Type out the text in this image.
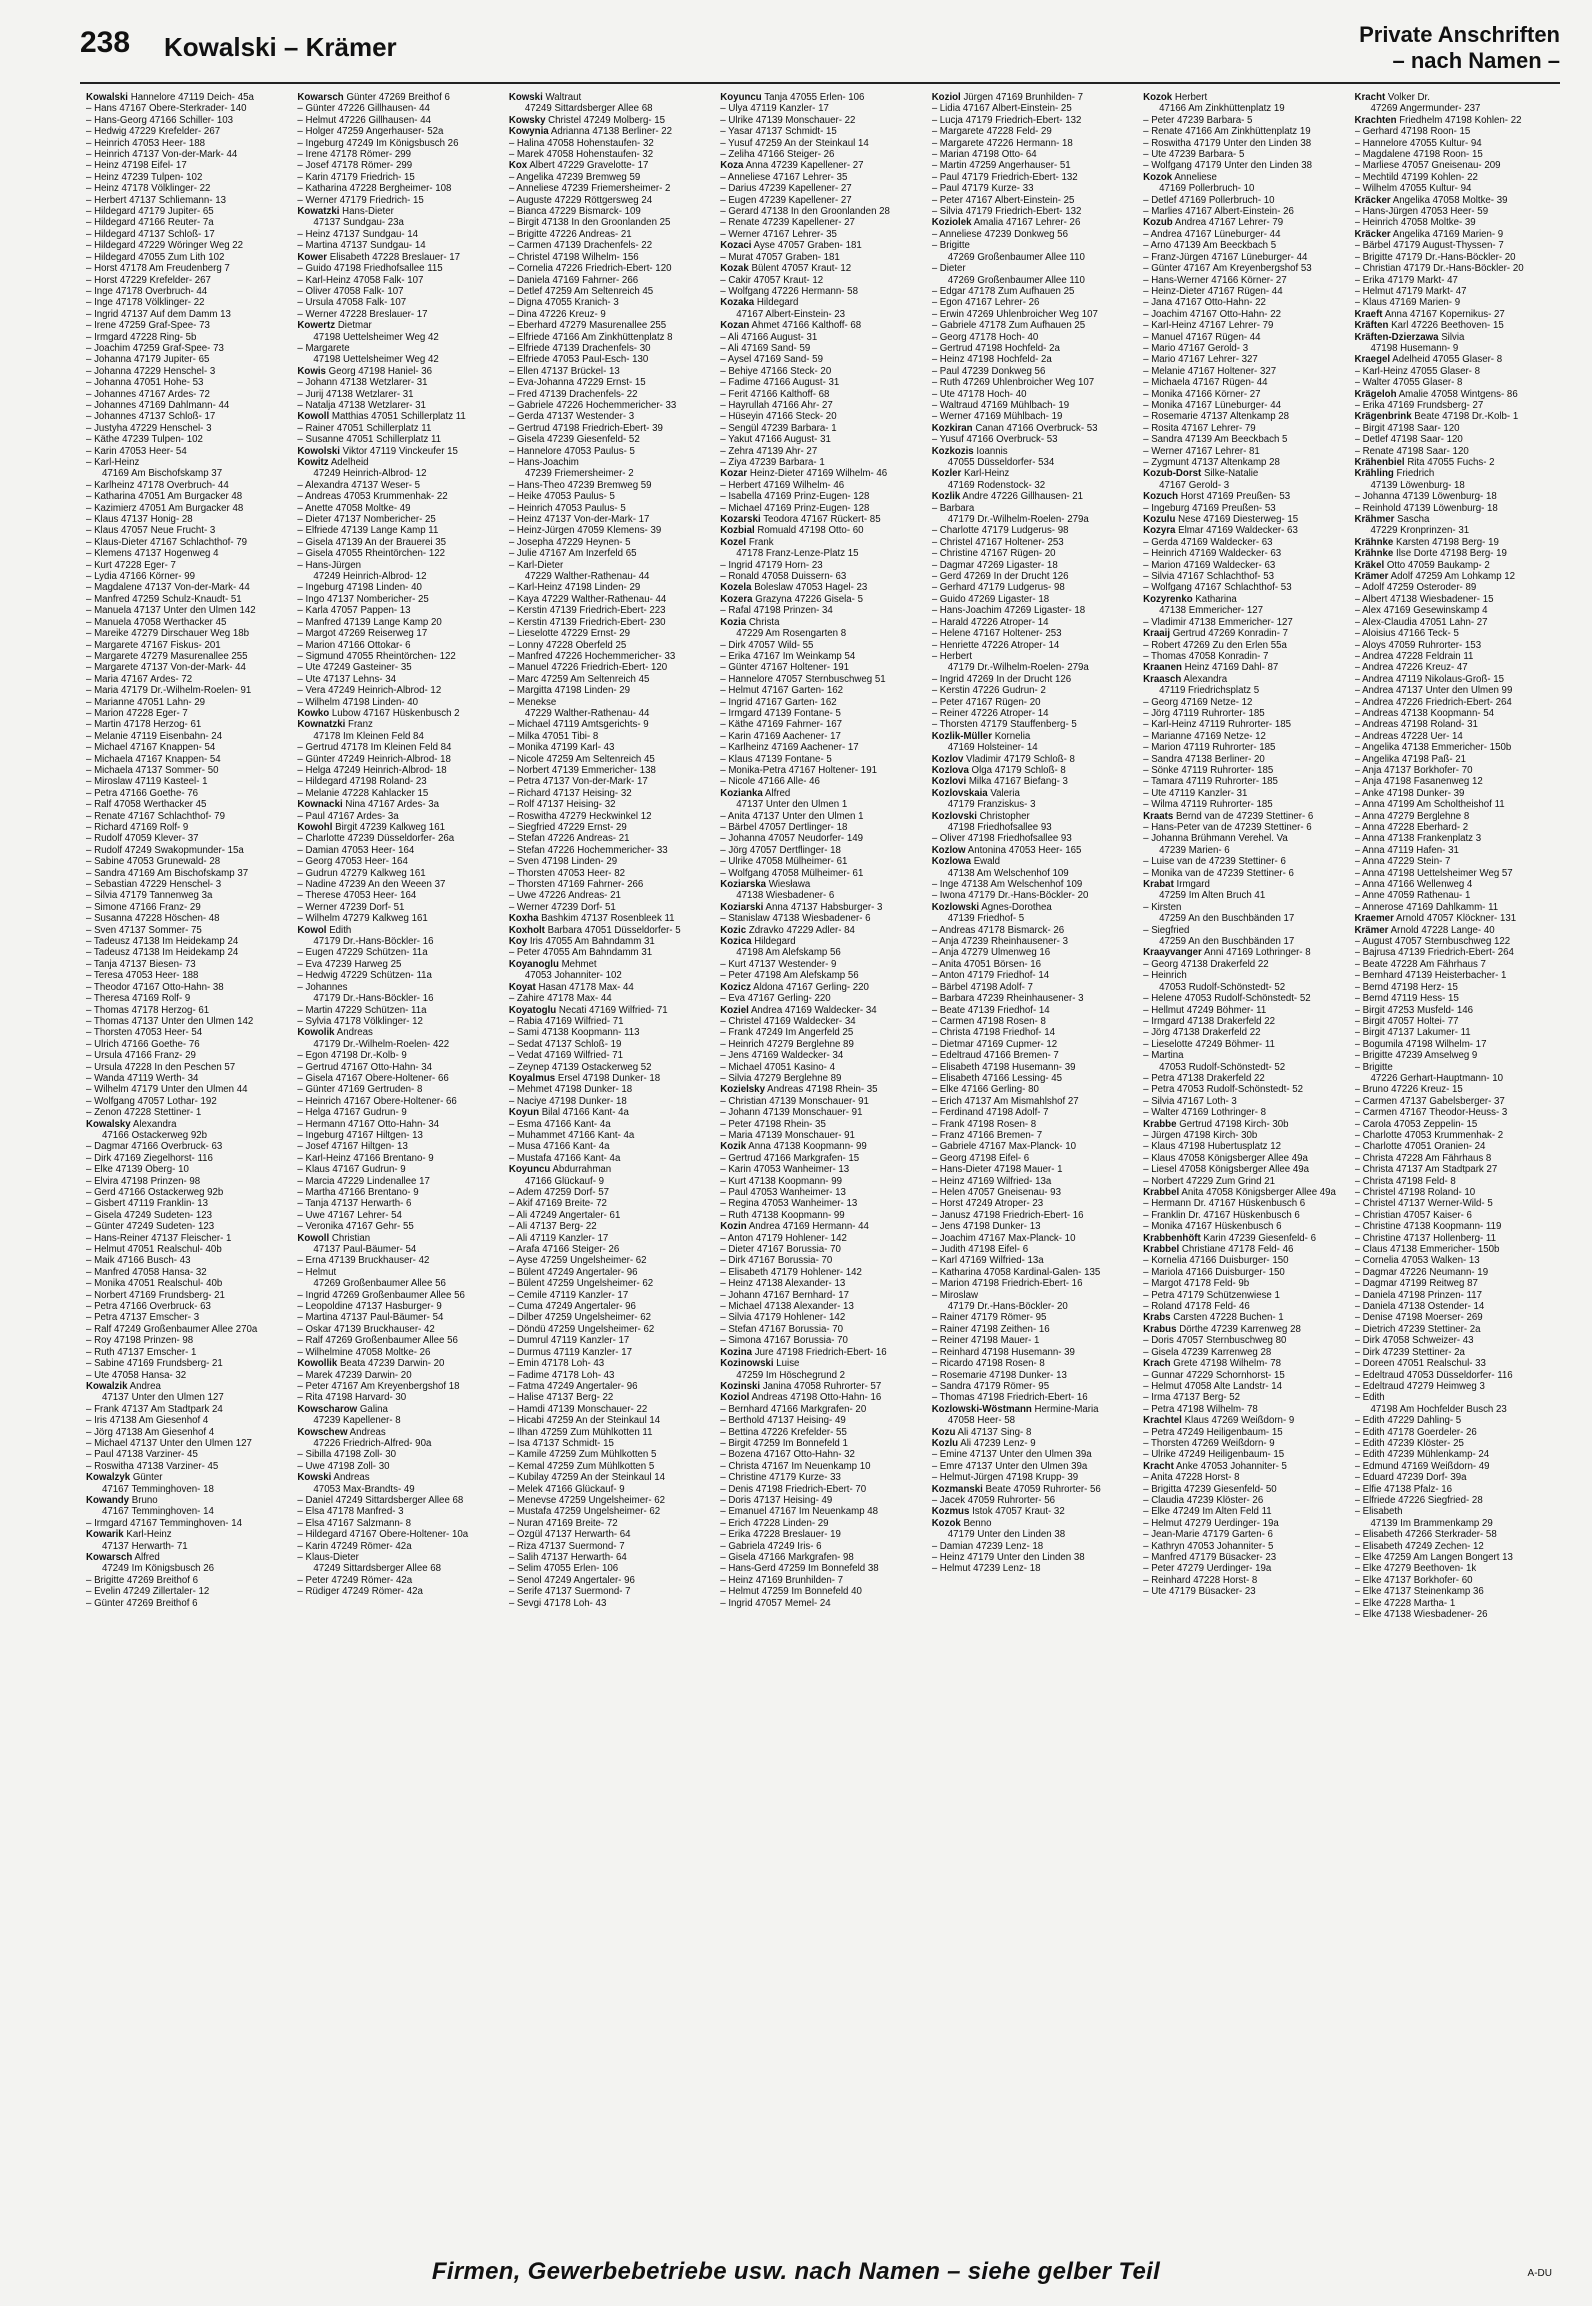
238 Kowalski – Krämer	Private Anschriften
– nach Namen –
Kowalski Hannelore 47119 Deich- 45a
– Hans 47167 Obere-Sterkrader- 140
– Hans-Georg 47166 Schiller- 103
– Hedwig 47229 Krefelder- 267
– Heinrich 47053 Heer- 188
– Heinrich 47137 Von-der-Mark- 44
– Heinz 47198 Eifel- 17
– Heinz 47239 Tulpen- 102
– Heinz 47178 Völklinger- 22
– Herbert 47137 Schliemann- 13
– Hildegard 47179 Jupiter- 65
– Hildegard 47166 Reuter- 7a
– Hildegard 47137 Schloß- 17
– Hildegard 47229 Wöringer Weg 22
– Hildegard 47055 Zum Lith 102
– Horst 47178 Am Freudenberg 7
– Horst 47229 Krefelder- 267
– Inge 47178 Overbruch- 44
– Inge 47178 Völklinger- 22
– Ingrid 47137 Auf dem Damm 13
– Irene 47259 Graf-Spee- 73
– Irmgard 47228 Ring- 5b
– Joachim 47259 Graf-Spee- 73
– Johanna 47179 Jupiter- 65
– Johanna 47229 Henschel- 3
– Johanna 47051 Hohe- 53
– Johannes 47167 Ardes- 72
– Johannes 47169 Dahlmann- 44
– Johannes 47137 Schloß- 17
– Justyha 47229 Henschel- 3
– Käthe 47239 Tulpen- 102
– Karin 47053 Heer- 54
– Karl-Heinz
47169 Am Bischofskamp 37
– Karlheinz 47178 Overbruch- 44
– Katharina 47051 Am Burgacker 48
– Kazimierz 47051 Am Burgacker 48
– Klaus 47137 Honig- 28
– Klaus 47057 Neue Frucht- 3
– Klaus-Dieter 47167 Schlachthof- 79
– Klemens 47137 Hogenweg 4
– Kurt 47228 Eger- 7
– Lydia 47166 Körner- 99
– Magdalene 47137 Von-der-Mark- 44
– Manfred 47259 Schulz-Knaudt- 51
– Manuela 47137 Unter den Ulmen 142
– Manuela 47058 Werthacker 45
– Mareike 47279 Dirschauer Weg 18b
– Margarete 47167 Fiskus- 201
– Margarete 47279 Masurenallee 255
– Margarete 47137 Von-der-Mark- 44
– Maria 47167 Ardes- 72
– Maria 47179 Dr.-Wilhelm-Roelen- 91
– Marianne 47051 Lahn- 29
– Marion 47228 Eger- 7
– Martin 47178 Herzog- 61
– Melanie 47119 Eisenbahn- 24
– Michael 47167 Knappen- 54
– Michaela 47167 Knappen- 54
– Michaela 47137 Sommer- 50
– Miroslaw 47119 Kasteel- 1
– Petra 47166 Goethe- 76
– Ralf 47058 Werthacker 45
– Renate 47167 Schlachthof- 79
– Richard 47169 Rolf- 9
– Rudolf 47059 Klever- 37
– Rudolf 47249 Swakopmunder- 15a
– Sabine 47053 Grunewald- 28
– Sandra 47169 Am Bischofskamp 37
– Sebastian 47229 Henschel- 3
– Silvia 47179 Tannenweg 3a
– Simone 47166 Franz- 29
– Susanna 47228 Höschen- 48
– Sven 47137 Sommer- 75
– Tadeusz 47138 Im Heidekamp 24
– Tadeusz 47138 Im Heidekamp 24
– Tanja 47137 Biesen- 73
– Teresa 47053 Heer- 188
– Theodor 47167 Otto-Hahn- 38
– Theresa 47169 Rolf- 9
– Thomas 47178 Herzog- 61
– Thomas 47137 Unter den Ulmen 142
– Thorsten 47053 Heer- 54
– Ulrich 47166 Goethe- 76
– Ursula 47166 Franz- 29
– Ursula 47228 In den Peschen 57
– Wanda 47119 Werth- 34
– Wilhelm 47179 Unter den Ulmen 44
– Wolfgang 47057 Lothar- 192
– Zenon 47228 Stettiner- 1
Kowalsky Alexandra
47166 Ostackerweg 92b
– Dagmar 47166 Overbruck- 63
– Dirk 47169 Ziegelhorst- 116
– Elke 47139 Öberg- 10
– Elvira 47198 Prinzen- 98
– Gerd 47166 Ostackerweg 92b
– Gisbert 47119 Franklin- 13
– Gisela 47249 Sudeten- 123
– Günter 47249 Sudeten- 123
– Hans-Reiner 47137 Fleischer- 1
– Helmut 47051 Realschul- 40b
– Maik 47166 Busch- 43
– Manfred 47058 Hansa- 32
– Monika 47051 Realschul- 40b
– Norbert 47169 Frundsberg- 21
– Petra 47166 Overbruck- 63
– Petra 47137 Emscher- 3
– Ralf 47249 Großenbaumer Allee 270a
– Roy 47198 Prinzen- 98
– Ruth 47137 Emscher- 1
– Sabine 47169 Frundsberg- 21
– Ute 47058 Hansa- 32
Kowalzik Andrea
47137 Unter den Ulmen 127
– Frank 47137 Am Stadtpark 24
– Iris 47138 Am Giesenhof 4
– Jörg 47138 Am Giesenhof 4
– Michael 47137 Unter den Ulmen 127
– Paul 47138 Varziner- 45
– Roswitha 47138 Varziner- 45
Kowalzyk Günter
47167 Temminghoven- 18
Kowandy Bruno
47167 Temminghoven- 14
– Irmgard 47167 Temminghoven- 14
Kowarik Karl-Heinz
47137 Herwarth- 71
Kowarsch Alfred
47249 Im Königsbusch 26
– Brigitte 47269 Breithof 6
– Evelin 47249 Zillertaler- 12
– Günter 47269 Breithof 6
Kowarsch Günter 47269 Breithof 6
– Günter 47226 Gillhausen- 44
– Helmut 47226 Gillhausen- 44
– Holger 47259 Angerhauser- 52a
– Ingeburg 47249 Im Königsbusch 26
– Irene 47178 Römer- 299
– Josef 47178 Römer- 299
– Karin 47179 Friedrich- 15
– Katharina 47228 Bergheimer- 108
– Werner 47179 Friedrich- 15
Kowatzki Hans-Dieter
47137 Sundgau- 23a
– Heinz 47137 Sundgau- 14
– Martina 47137 Sundgau- 14
Kower Elisabeth 47228 Breslauer- 17
– Guido 47198 Friedhofsallee 115
– Karl-Heinz 47058 Falk- 107
– Oliver 47058 Falk- 107
– Ursula 47058 Falk- 107
– Werner 47228 Breslauer- 17
Kowertz Dietmar
47198 Uettelsheimer Weg 42
– Margarete
47198 Uettelsheimer Weg 42
Kowis Georg 47198 Haniel- 36
– Johann 47138 Wetzlarer- 31
– Jurij 47138 Wetzlarer- 31
– Natalja 47138 Wetzlarer- 31
Kowoll Matthias 47051 Schillerplatz 11
– Rainer 47051 Schillerplatz 11
– Susanne 47051 Schillerplatz 11
Kowolski Viktor 47119 Vinckeufer 15
Kowitz Adelheid
47249 Heinrich-Albrod- 12
– Alexandra 47137 Weser- 5
– Andreas 47053 Krummenhak- 22
– Anette 47058 Moltke- 49
– Dieter 47137 Nombericher- 25
– Elfriede 47139 Lange Kamp 11
– Gisela 47139 An der Brauerei 35
– Gisela 47055 Rheintörchen- 122
– Hans-Jürgen
47249 Heinrich-Albrod- 12
– Ingeburg 47198 Linden- 40
– Ingo 47137 Nombericher- 25
– Karla 47057 Pappen- 13
– Manfred 47139 Lange Kamp 20
– Margot 47269 Reiserweg 17
– Marion 47166 Ottokar- 6
– Sigmund 47055 Rheintörchen- 122
– Ute 47249 Gasteiner- 35
– Ute 47137 Lehns- 34
– Vera 47249 Heinrich-Albrod- 12
– Wilhelm 47198 Linden- 40
Kowko Lubow 47167 Hüskenbusch 2
Kownatzki Franz
47178 Im Kleinen Feld 84
– Gertrud 47178 Im Kleinen Feld 84
– Günter 47249 Heinrich-Albrod- 18
– Helga 47249 Heinrich-Albrod- 18
– Hildegard 47198 Roland- 23
– Melanie 47228 Kahlacker 15
Kownacki Nina 47167 Ardes- 3a
– Paul 47167 Ardes- 3a
Kowohl Birgit 47239 Kalkweg 161
– Charlotte 47239 Düsseldorfer- 26a
– Damian 47053 Heer- 164
– Georg 47053 Heer- 164
– Gudrun 47279 Kalkweg 161
– Nadine 47239 An den Weeen 37
– Therese 47053 Heer- 164
– Werner 47239 Dorf- 51
– Wilhelm 47279 Kalkweg 161
Kowol Edith
47179 Dr.-Hans-Böckler- 16
– Eugen 47229 Schützen- 11a
– Eva 47239 Harweg 25
– Hedwig 47229 Schützen- 11a
– Johannes
47179 Dr.-Hans-Böckler- 16
– Martin 47229 Schützen- 11a
– Sylvia 47178 Völklinger- 12
Kowolik Andreas
47179 Dr.-Wilhelm-Roelen- 422
– Egon 47198 Dr.-Kolb- 9
– Gertrud 47167 Otto-Hahn- 34
– Gisela 47167 Obere-Holtener- 66
– Günter 47169 Gertruden- 8
– Heinrich 47167 Obere-Holtener- 66
– Helga 47167 Gudrun- 9
– Hermann 47167 Otto-Hahn- 34
– Ingeburg 47167 Hiltgen- 13
– Josef 47167 Hiltgen- 13
– Karl-Heinz 47166 Brentano- 9
– Klaus 47167 Gudrun- 9
– Marcia 47229 Lindenallee 17
– Martha 47166 Brentano- 9
– Tanja 47137 Herwarth- 6
– Uwe 47167 Lehrer- 54
– Veronika 47167 Gehr- 55
Kowoll Christian
47137 Paul-Bäumer- 54
– Erna 47139 Bruckhauser- 42
– Helmut
47269 Großenbaumer Allee 56
– Ingrid 47269 Großenbaumer Allee 56
– Leopoldine 47137 Hasburger- 9
– Martina 47137 Paul-Bäumer- 54
– Oskar 47139 Bruckhauser- 42
– Ralf 47269 Großenbaumer Allee 56
– Wilhelmine 47058 Moltke- 26
Kowollik Beata 47239 Darwin- 20
– Marek 47239 Darwin- 20
– Peter 47167 Am Kreyenbergshof 18
– Rita 47198 Harvard- 30
Kowscharow Galina
47239 Kapellener- 8
Kowschew Andreas
47226 Friedrich-Alfred- 90a
– Sibilla 47198 Zoll- 30
– Uwe 47198 Zoll- 30
Kowski Andreas
47053 Max-Brandts- 49
– Daniel 47249 Sittardsberger Allee 68
– Elsa 47178 Manfred- 3
– Elsa 47167 Salzmann- 8
– Hildegard 47167 Obere-Holtener- 10a
– Karin 47249 Römer- 42a
– Klaus-Dieter
47249 Sittardsberger Allee 68
– Peter 47249 Römer- 42a
– Rüdiger 47249 Römer- 42a
Kowski Waltraut
47249 Sittardsberger Allee 68
Kowsky Christel 47249 Molberg- 15
Kowynia Adrianna 47138 Berliner- 22
– Halina 47058 Hohenstaufen- 32
– Marek 47058 Hohenstaufen- 32
Kox Albert 47229 Gravelotte- 17
– Angelika 47239 Bremweg 59
– Anneliese 47239 Friemersheimer- 2
– Auguste 47229 Röttgersweg 24
– Bianca 47229 Bismarck- 109
– Birgit 47138 In den Groonlanden 25
– Brigitte 47226 Andreas- 21
– Carmen 47139 Drachenfels- 22
– Christel 47198 Wilhelm- 156
– Cornelia 47226 Friedrich-Ebert- 120
– Daniela 47169 Fahrner- 266
– Detlef 47259 Am Seltenreich 45
– Digna 47055 Kranich- 3
– Dina 47226 Kreuz- 9
– Eberhard 47279 Masurenallee 255
– Elfriede 47166 Am Zinkhüttenplatz 8
– Elfriede 47139 Drachenfels- 30
– Elfriede 47053 Paul-Esch- 130
– Ellen 47137 Brückel- 13
– Eva-Johanna 47229 Ernst- 15
– Fred 47139 Drachenfels- 22
– Gabriele 47226 Hochemmericher- 33
– Gerda 47137 Westender- 3
– Gertrud 47198 Friedrich-Ebert- 39
– Gisela 47239 Giesenfeld- 52
– Hannelore 47053 Paulus- 5
– Hans-Joachim
47239 Friemersheimer- 2
– Hans-Theo 47239 Bremweg 59
– Heike 47053 Paulus- 5
– Heinrich 47053 Paulus- 5
– Heinz 47137 Von-der-Mark- 17
– Heinz-Jürgen 47059 Klemens- 39
– Josepha 47229 Heynen- 5
– Julie 47167 Am Inzerfeld 65
– Karl-Dieter
47229 Walther-Rathenau- 44
– Karl-Heinz 47198 Linden- 29
– Kaya 47229 Walther-Rathenau- 44
– Kerstin 47139 Friedrich-Ebert- 223
– Kerstin 47139 Friedrich-Ebert- 230
– Lieselotte 47229 Ernst- 29
– Lonny 47228 Oberfeld 25
– Manfred 47226 Hochemmericher- 33
– Manuel 47226 Friedrich-Ebert- 120
– Marc 47259 Am Seltenreich 45
– Margitta 47198 Linden- 29
– Menekse
47229 Walther-Rathenau- 44
– Michael 47119 Amtsgerichts- 9
– Milka 47051 Tibi- 8
– Monika 47199 Karl- 43
– Nicole 47259 Am Seltenreich 45
– Norbert 47139 Emmericher- 138
– Petra 47137 Von-der-Mark- 17
– Richard 47137 Heising- 32
– Rolf 47137 Heising- 32
– Roswitha 47279 Heckwinkel 12
– Siegfried 47229 Ernst- 29
– Stefan 47226 Andreas- 21
– Stefan 47226 Hochemmericher- 33
– Sven 47198 Linden- 29
– Thorsten 47053 Heer- 82
– Thorsten 47169 Fahrner- 266
– Uwe 47226 Andreas- 21
– Werner 47239 Dorf- 51
Koxha Bashkim 47137 Rosenbleek 11
Koxholt Barbara 47051 Düsseldorfer- 5
Koy Iris 47055 Am Bahndamm 31
– Peter 47055 Am Bahndamm 31
Koyanoglu Mehmet
47053 Johanniter- 102
Koyat Hasan 47178 Max- 44
– Zahire 47178 Max- 44
Koyatoglu Necati 47169 Wilfried- 71
– Rabia 47169 Wilfried- 71
– Sami 47138 Koopmann- 113
– Sedat 47137 Schloß- 19
– Vedat 47169 Wilfried- 71
– Zeynep 47139 Ostackerweg 52
Koyalmus Ersel 47198 Dunker- 18
– Mehmet 47198 Dunker- 18
– Naciye 47198 Dunker- 18
Koyun Bilal 47166 Kant- 4a
– Esma 47166 Kant- 4a
– Muhammet 47166 Kant- 4a
– Musa 47166 Kant- 4a
– Mustafa 47166 Kant- 4a
Koyuncu Abdurrahman
47166 Glückauf- 9
– Adem 47259 Dorf- 57
– Akif 47169 Breite- 72
– Ali 47249 Angertaler- 61
– Ali 47137 Berg- 22
– Ali 47119 Kanzler- 17
– Arafa 47166 Steiger- 26
– Ayse 47259 Ungelsheimer- 62
– Bülent 47249 Angertaler- 96
– Bülent 47259 Ungelsheimer- 62
– Cemile 47119 Kanzler- 17
– Cuma 47249 Angertaler- 96
– Dilber 47259 Ungelsheimer- 62
– Döndü 47259 Ungelsheimer- 62
– Dumrul 47119 Kanzler- 17
– Durmus 47119 Kanzler- 17
– Emin 47178 Loh- 43
– Fadime 47178 Loh- 43
– Fatma 47249 Angertaler- 96
– Halise 47137 Berg- 22
– Hamdi 47139 Monschauer- 22
– Hicabi 47259 An der Steinkaul 14
– Ilhan 47259 Zum Mühlkotten 11
– Isa 47137 Schmidt- 15
– Kamile 47259 Zum Mühlkotten 5
– Kemal 47259 Zum Mühlkotten 5
– Kubilay 47259 An der Steinkaul 14
– Melek 47166 Glückauf- 9
– Menevse 47259 Ungelsheimer- 62
– Mustafa 47259 Ungelsheimer- 62
– Nuran 47169 Breite- 72
– Özgül 47137 Herwarth- 64
– Riza 47137 Suermond- 7
– Salih 47137 Herwarth- 64
– Selim 47055 Erlen- 106
– Senol 47249 Angertaler- 96
– Serife 47137 Suermond- 7
– Sevgi 47178 Loh- 43
Koyuncu Tanja 47055 Erlen- 106
– Ulya 47119 Kanzler- 17
– Ulrike 47139 Monschauer- 22
– Yasar 47137 Schmidt- 15
– Yusuf 47259 An der Steinkaul 14
– Zeliha 47166 Steiger- 26
Koza Anna 47239 Kapellener- 27
– Anneliese 47167 Lehrer- 35
– Darius 47239 Kapellener- 27
– Eugen 47239 Kapellener- 27
– Gerard 47138 In den Groonlanden 28
– Renate 47239 Kapellener- 27
– Werner 47167 Lehrer- 35
Kozaci Ayse 47057 Graben- 181
– Murat 47057 Graben- 181
Kozak Bülent 47057 Kraut- 12
– Cakir 47057 Kraut- 12
– Wolfgang 47226 Hermann- 58
Kozaka Hildegard
47167 Albert-Einstein- 23
Kozan Ahmet 47166 Kalthoff- 68
– Ali 47166 August- 31
– Ali 47169 Sand- 59
– Aysel 47169 Sand- 59
– Behiye 47166 Steck- 20
– Fadime 47166 August- 31
– Ferit 47166 Kalthoff- 68
– Hayrullah 47166 Ahr- 27
– Hüseyin 47166 Steck- 20
– Sengül 47239 Barbara- 1
– Yakut 47166 August- 31
– Zehra 47139 Ahr- 27
– Ziya 47239 Barbara- 1
Kozar Heinz-Dieter 47169 Wilhelm- 46
– Herbert 47169 Wilhelm- 46
– Isabella 47169 Prinz-Eugen- 128
– Michael 47169 Prinz-Eugen- 128
Kozarski Teodora 47167 Rückert- 85
Kozbial Romuald 47198 Otto- 60
Kozel Frank
47178 Franz-Lenze-Platz 15
– Ingrid 47179 Horn- 23
– Ronald 47058 Duissern- 63
Kozela Boleslaw 47053 Hagel- 23
Kozera Grazyna 47226 Gisela- 5
– Rafal 47198 Prinzen- 34
Kozia Christa
47229 Am Rosengarten 8
– Dirk 47057 Wild- 55
– Erika 47167 Im Weinkamp 54
– Günter 47167 Holtener- 191
– Hannelore 47057 Sternbuschweg 51
– Helmut 47167 Garten- 162
– Ingrid 47167 Garten- 162
– Irmgard 47139 Fontane- 5
– Käthe 47169 Fahrner- 167
– Karin 47169 Aachener- 17
– Karlheinz 47169 Aachener- 17
– Klaus 47139 Fontane- 5
– Monika-Petra 47167 Holtener- 191
– Nicole 47166 Alle- 46
Kozianka Alfred
47137 Unter den Ulmen 1
– Anita 47137 Unter den Ulmen 1
– Bärbel 47057 Dertlinger- 18
– Johanna 47057 Neudorfer- 149
– Jörg 47057 Dertflinger- 18
– Ulrike 47058 Mülheimer- 61
– Wolfgang 47058 Mülheimer- 61
Koziarska Wiesława
47138 Wiesbadener- 6
Koziarski Anna 47137 Habsburger- 3
– Stanislaw 47138 Wiesbadener- 6
Kozic Zdravko 47229 Adler- 84
Kozica Hildegard
47198 Am Alefskamp 56
– Kurt 47137 Westender- 9
– Peter 47198 Am Alefskamp 56
Kozicz Aldona 47167 Gerling- 220
– Eva 47167 Gerling- 220
Koziel Andrea 47169 Waldecker- 34
– Christel 47169 Waldecker- 34
– Frank 47249 Im Angerfeld 25
– Heinrich 47279 Berglehne 89
– Jens 47169 Waldecker- 34
– Michael 47051 Kasino- 4
– Silvia 47279 Berglehne 89
Kozielsky Andreas 47198 Rhein- 35
– Christian 47139 Monschauer- 91
– Johann 47139 Monschauer- 91
– Peter 47198 Rhein- 35
– Maria 47139 Monschauer- 91
Kozik Anna 47138 Koopmann- 99
– Gertrud 47166 Markgrafen- 15
– Karin 47053 Wanheimer- 13
– Kurt 47138 Koopmann- 99
– Paul 47053 Wanheimer- 13
– Regina 47053 Wanheimer- 13
– Ruth 47138 Koopmann- 99
Kozin Andrea 47169 Hermann- 44
– Anton 47179 Hohlener- 142
– Dieter 47167 Borussia- 70
– Dirk 47167 Borussia- 70
– Elisabeth 47179 Hohlener- 142
– Heinz 47138 Alexander- 13
– Johann 47167 Bernhard- 17
– Michael 47138 Alexander- 13
– Silvia 47179 Hohlener- 142
– Stefan 47167 Borussia- 70
– Simona 47167 Borussia- 70
Kozina Jure 47198 Friedrich-Ebert- 16
Kozinowski Luise
47259 Im Höschegrund 2
Kozinski Janina 47058 Ruhrorter- 57
Koziol Andreas 47198 Otto-Hahn- 16
– Bernhard 47166 Markgrafen- 20
– Berthold 47137 Heising- 49
– Bettina 47226 Krefelder- 55
– Birgit 47259 Im Bonnefeld 1
– Bozena 47167 Otto-Hahn- 32
– Christa 47167 Im Neuenkamp 10
– Christine 47179 Kurze- 33
– Denis 47198 Friedrich-Ebert- 70
– Doris 47137 Heising- 49
– Emanuel 47167 Im Neuenkamp 48
– Erich 47228 Linden- 29
– Erika 47228 Breslauer- 19
– Gabriela 47249 Iris- 6
– Gisela 47166 Markgrafen- 98
– Hans-Gerd 47259 Im Bonnefeld 38
– Heinz 47169 Brunhilden- 7
– Helmut 47259 Im Bonnefeld 40
– Ingrid 47057 Memel- 24
Koziol Jürgen 47169 Brunhilden- 7
– Lidia 47167 Albert-Einstein- 25
– Lucja 47179 Friedrich-Ebert- 132
– Margarete 47228 Feld- 29
– Margarete 47226 Hermann- 18
– Marian 47198 Otto- 64
– Martin 47259 Angerhauser- 51
– Paul 47179 Friedrich-Ebert- 132
– Paul 47179 Kurze- 33
– Peter 47167 Albert-Einstein- 25
– Silvia 47179 Friedrich-Ebert- 132
Koziolek Amalia 47167 Lehrer- 26
– Anneliese 47239 Donkweg 56
– Brigitte
47269 Großenbaumer Allee 110
– Dieter
47269 Großenbaumer Allee 110
– Edgar 47178 Zum Aufhauen 25
– Egon 47167 Lehrer- 26
– Erwin 47269 Uhlenbroicher Weg 107
– Gabriele 47178 Zum Aufhauen 25
– Georg 47178 Hoch- 40
– Gertrud 47198 Hochfeld- 2a
– Heinz 47198 Hochfeld- 2a
– Paul 47239 Donkweg 56
– Ruth 47269 Uhlenbroicher Weg 107
– Ute 47178 Hoch- 40
– Waltraud 47169 Mühlbach- 19
– Werner 47169 Mühlbach- 19
Kozkiran Canan 47166 Overbruck- 53
– Yusuf 47166 Overbruck- 53
Kozkozis Ioannis
47055 Düsseldorfer- 534
Kozler Karl-Heinz
47169 Rodenstock- 32
Kozlik Andre 47226 Gillhausen- 21
– Barbara
47179 Dr.-Wilhelm-Roelen- 279a
– Charlotte 47179 Ludgerus- 98
– Christel 47167 Holtener- 253
– Christine 47167 Rügen- 20
– Dagmar 47269 Ligaster- 18
– Gerd 47269 In der Drucht 126
– Gerhard 47179 Ludgerus- 98
– Guido 47269 Ligaster- 18
– Hans-Joachim 47269 Ligaster- 18
– Harald 47226 Atroper- 14
– Helene 47167 Holtener- 253
– Henriette 47226 Atroper- 14
– Herbert
47179 Dr.-Wilhelm-Roelen- 279a
– Ingrid 47269 In der Drucht 126
– Kerstin 47226 Gudrun- 2
– Peter 47167 Rügen- 20
– Reiner 47226 Atroper- 14
– Thorsten 47179 Stauffenberg- 5
Kozlik-Müller Kornelia
47169 Holsteiner- 14
Kozlov Vladimir 47179 Schloß- 8
Kozlova Olga 47179 Schloß- 8
Kozlovi Milka 47167 Biefang- 3
Kozlovskaia Valeria
47179 Franziskus- 3
Kozlovski Christopher
47198 Friedhofsallee 93
– Oliver 47198 Friedhofsallee 93
Kozlow Antonina 47053 Heer- 165
Kozlowa Ewald
47138 Am Welschenhof 109
– Inge 47138 Am Welschenhof 109
– Iwona 47179 Dr.-Hans-Böckler- 20
Kozlowski Agnes-Dorothea
47139 Friedhof- 5
– Andreas 47178 Bismarck- 26
– Anja 47239 Rheinhausener- 3
– Anja 47279 Ulmenweg 16
– Anita 47051 Börsen- 16
– Anton 47179 Friedhof- 14
– Bärbel 47198 Adolf- 7
– Barbara 47239 Rheinhausener- 3
– Beate 47139 Friedhof- 14
– Carmen 47198 Rosen- 8
– Christa 47198 Friedhof- 14
– Dietmar 47169 Cupmer- 12
– Edeltraud 47166 Bremen- 7
– Elisabeth 47198 Husemann- 39
– Elisabeth 47166 Lessing- 45
– Elke 47166 Gerling- 80
– Erich 47137 Am Mismahlshof 27
– Ferdinand 47198 Adolf- 7
– Frank 47198 Rosen- 8
– Franz 47166 Bremen- 7
– Gabriele 47167 Max-Planck- 10
– Georg 47198 Eifel- 6
– Hans-Dieter 47198 Mauer- 1
– Heinz 47169 Wilfried- 13a
– Helen 47057 Gneisenau- 93
– Horst 47249 Atroper- 23
– Janusz 47198 Friedrich-Ebert- 16
– Jens 47198 Dunker- 13
– Joachim 47167 Max-Planck- 10
– Judith 47198 Eifel- 6
– Karl 47169 Wilfried- 13a
– Katharina 47058 Kardinal-Galen- 135
– Marion 47198 Friedrich-Ebert- 16
– Miroslaw
47179 Dr.-Hans-Böckler- 20
– Rainer 47179 Römer- 95
– Rainer 47198 Zeithen- 16
– Reiner 47198 Mauer- 1
– Reinhard 47198 Husemann- 39
– Ricardo 47198 Rosen- 8
– Rosemarie 47198 Dunker- 13
– Sandra 47179 Römer- 95
– Thomas 47198 Friedrich-Ebert- 16
Kozlowski-Wöstmann Hermine-Maria
47058 Heer- 58
Kozu Ali 47137 Sing- 8
Kozlu Ali 47239 Lenz- 9
– Emine 47137 Unter den Ulmen 39a
– Emre 47137 Unter den Ulmen 39a
– Helmut-Jürgen 47198 Krupp- 39
Kozmanski Beate 47059 Ruhrorter- 56
– Jacek 47059 Ruhrorter- 56
Kozmus Istok 47057 Kraut- 32
Kozok Benno
47179 Unter den Linden 38
– Damian 47239 Lenz- 18
– Heinz 47179 Unter den Linden 38
– Helmut 47239 Lenz- 18
Kozok Herbert
47166 Am Zinkhüttenplatz 19
– Peter 47239 Barbara- 5
– Renate 47166 Am Zinkhüttenplatz 19
– Roswitha 47179 Unter den Linden 38
– Ute 47239 Barbara- 5
– Wolfgang 47179 Unter den Linden 38
Kozok Anneliese
47169 Pollerbruch- 10
– Detlef 47169 Pollerbruch- 10
– Marlies 47167 Albert-Einstein- 26
Kozub Andrea 47167 Lehrer- 79
– Andrea 47167 Lüneburger- 44
– Arno 47139 Am Beeckbach 5
– Franz-Jürgen 47167 Lüneburger- 44
– Günter 47167 Am Kreyenbergshof 53
– Hans-Werner 47166 Körner- 27
– Heinz-Dieter 47167 Rügen- 44
– Jana 47167 Otto-Hahn- 22
– Joachim 47167 Otto-Hahn- 22
– Karl-Heinz 47167 Lehrer- 79
– Manuel 47167 Rügen- 44
– Mario 47167 Gerold- 3
– Mario 47167 Lehrer- 327
– Melanie 47167 Holtener- 327
– Michaela 47167 Rügen- 44
– Monika 47166 Körner- 27
– Monika 47167 Lüneburger- 44
– Rosemarie 47137 Altenkamp 28
– Rosita 47167 Lehrer- 79
– Sandra 47139 Am Beeckbach 5
– Werner 47167 Lehrer- 81
– Zygmunt 47137 Altenkamp 28
Kozub-Dorst Silke-Natalie
47167 Gerold- 3
Kozuch Horst 47169 Preußen- 53
– Ingeburg 47169 Preußen- 53
Kozulu Nese 47169 Diesterweg- 15
Kozyra Elmar 47169 Waldecker- 63
– Gerda 47169 Waldecker- 63
– Heinrich 47169 Waldecker- 63
– Marion 47169 Waldecker- 63
– Silvia 47167 Schlachthof- 53
– Wolfgang 47167 Schlachthof- 53
Kozyrenko Katharina
47138 Emmericher- 127
– Vladimir 47138 Emmericher- 127
Kraaij Gertrud 47269 Konradin- 7
– Robert 47269 Zu den Erlen 55a
– Thomas 47058 Konradin- 7
Kraanen Heinz 47169 Dahl- 87
Kraasch Alexandra
47119 Friedrichsplatz 5
– Georg 47169 Netze- 12
– Jörg 47119 Ruhrorter- 185
– Karl-Heinz 47119 Ruhrorter- 185
– Marianne 47169 Netze- 12
– Marion 47119 Ruhrorter- 185
– Sandra 47138 Berliner- 20
– Sönke 47119 Ruhrorter- 185
– Tamara 47119 Ruhrorter- 185
– Ute 47119 Kanzler- 31
– Wilma 47119 Ruhrorter- 185
Kraats Bernd van de 47239 Stettiner- 6
– Hans-Peter van de 47239 Stettiner- 6
– Johanna Brühmann Verehel. Va
47239 Marien- 6
– Luise van de 47239 Stettiner- 6
– Monika van de 47239 Stettiner- 6
Krabat Irmgard
47259 Im Alten Bruch 41
– Kirsten
47259 An den Buschbänden 17
– Siegfried
47259 An den Buschbänden 17
Kraayvanger Anni 47169 Lothringer- 8
– Georg 47138 Drakerfeld 22
– Heinrich
47053 Rudolf-Schönstedt- 52
– Helene 47053 Rudolf-Schönstedt- 52
– Hellmut 47249 Böhmer- 11
– Irmgard 47138 Drakerfeld 22
– Jörg 47138 Drakerfeld 22
– Lieselotte 47249 Böhmer- 11
– Martina
47053 Rudolf-Schönstedt- 52
– Petra 47138 Drakerfeld 22
– Petra 47053 Rudolf-Schönstedt- 52
– Silvia 47167 Loth- 3
– Walter 47169 Lothringer- 8
Krabbe Gertrud 47198 Kirch- 30b
– Jürgen 47198 Kirch- 30b
– Klaus 47198 Hubertusplatz 12
– Klaus 47058 Königsberger Allee 49a
– Liesel 47058 Königsberger Allee 49a
– Norbert 47229 Zum Grind 21
Krabbel Anita 47058 Königsberger Allee 49a
– Hermann Dr. 47167 Hüskenbusch 6
– Franklin Dr. 47167 Hüskenbusch 6
– Monika 47167 Hüskenbusch 6
Krabbenhöft Karin 47239 Giesenfeld- 6
Krabbel Christiane 47178 Feld- 46
– Kornelia 47166 Duisburger- 150
– Mariola 47166 Duisburger- 150
– Margot 47178 Feld- 9b
– Petra 47179 Schützenwiese 1
– Roland 47178 Feld- 46
Krabs Carsten 47228 Buchen- 1
Krabus Dörthe 47239 Karrenweg 28
– Doris 47057 Sternbuschweg 80
– Gisela 47239 Karrenweg 28
Krach Grete 47198 Wilhelm- 78
– Gunnar 47229 Schornhorst- 15
– Helmut 47058 Alte Landstr- 14
– Irma 47137 Berg- 52
– Petra 47198 Wilhelm- 78
Krachtel Klaus 47269 Weißdorn- 9
– Petra 47249 Heiligenbaum- 15
– Thorsten 47269 Weißdorn- 9
– Ulrike 47249 Heiligenbaum- 15
Kracht Anke 47053 Johanniter- 5
– Anita 47228 Horst- 8
– Brigitta 47239 Giesenfeld- 50
– Claudia 47239 Klöster- 26
– Elke 47249 Im Alten Feld 11
– Helmut 47279 Uerdinger- 19a
– Jean-Marie 47179 Garten- 6
– Kathryn 47053 Johanniter- 5
– Manfred 47179 Büsacker- 23
– Peter 47279 Uerdinger- 19a
– Reinhard 47228 Horst- 8
– Ute 47179 Büsacker- 23
Kracht Volker Dr.
47269 Angermunder- 237
Krachten Friedhelm 47198 Kohlen- 22
– Gerhard 47198 Roon- 15
– Hannelore 47055 Kultur- 94
– Magdalene 47198 Roon- 15
– Marliese 47057 Gneisenau- 209
– Mechtild 47199 Kohlen- 22
– Wilhelm 47055 Kultur- 94
Kräcker Angelika 47058 Moltke- 39
– Hans-Jürgen 47053 Heer- 59
– Heinrich 47058 Moltke- 39
Kräcker Angelika 47169 Marien- 9
– Bärbel 47179 August-Thyssen- 7
– Brigitte 47179 Dr.-Hans-Böckler- 20
– Christian 47179 Dr.-Hans-Böckler- 20
– Erika 47179 Markt- 47
– Helmut 47179 Markt- 47
– Klaus 47169 Marien- 9
Kraeft Anna 47167 Kopernikus- 27
Kräften Karl 47226 Beethoven- 15
Kräften-Dzierzawa Silvia
47198 Husemann- 9
Kraegel Adelheid 47055 Glaser- 8
– Karl-Heinz 47055 Glaser- 8
– Walter 47055 Glaser- 8
Krägeloh Amalie 47058 Wintgens- 86
– Erika 47169 Frundsberg- 27
Krägenbrink Beate 47198 Dr.-Kolb- 1
– Birgit 47198 Saar- 120
– Detlef 47198 Saar- 120
– Renate 47198 Saar- 120
Krähenbiel Rita 47055 Fuchs- 2
Krähling Friedrich
47139 Löwenburg- 18
– Johanna 47139 Löwenburg- 18
– Reinhold 47139 Löwenburg- 18
Krähmer Sascha
47229 Kronprinzen- 31
Krähnke Karsten 47198 Berg- 19
Krähnke Ilse Dorte 47198 Berg- 19
Kräkel Otto 47059 Baukamp- 2
Krämer Adolf 47259 Am Lohkamp 12
– Adolf 47259 Osteroder- 89
– Albert 47138 Wiesbadener- 15
– Alex 47169 Gesewinskamp 4
– Alex-Claudia 47051 Lahn- 27
– Aloisius 47166 Teck- 5
– Aloys 47059 Ruhrorter- 153
– Andrea 47228 Feldrain 11
– Andrea 47226 Kreuz- 47
– Andrea 47119 Nikolaus-Groß- 15
– Andrea 47137 Unter den Ulmen 99
– Andrea 47226 Friedrich-Ebert- 264
– Andreas 47138 Koopmann- 54
– Andreas 47198 Roland- 31
– Andreas 47228 Uer- 14
– Angelika 47138 Emmericher- 150b
– Angelika 47198 Paß- 21
– Anja 47137 Borkhofer- 70
– Anja 47198 Fasanenweg 12
– Anke 47198 Dunker- 39
– Anna 47199 Am Scholtheishof 11
– Anna 47279 Berglehne 8
– Anna 47228 Eberhard- 2
– Anna 47138 Frankenplatz 3
– Anna 47119 Hafen- 31
– Anna 47229 Stein- 7
– Anna 47198 Uettelsheimer Weg 57
– Anna 47166 Wellenweg 4
– Anne 47059 Rathenau- 1
– Annerose 47169 Dahlkamm- 11
Kraemer Arnold 47057 Klöckner- 131
Krämer Arnold 47228 Lange- 40
– August 47057 Sternbuschweg 122
– Bajrusa 47139 Friedrich-Ebert- 264
– Beate 47228 Am Fährhaus 7
– Bernhard 47139 Heisterbacher- 1
– Bernd 47198 Herz- 15
– Bernd 47119 Hess- 15
– Birgit 47253 Musfeld- 146
– Birgit 47057 Holtei- 77
– Birgit 47137 Lakumer- 11
– Bogumila 47198 Wilhelm- 17
– Brigitte 47239 Amselweg 9
– Brigitte
47226 Gerhart-Hauptmann- 10
– Bruno 47226 Kreuz- 15
– Carmen 47137 Gabelsberger- 37
– Carmen 47167 Theodor-Heuss- 3
– Carola 47053 Zeppelin- 15
– Charlotte 47053 Krummenhak- 2
– Charlotte 47051 Oranien- 24
– Christa 47228 Am Fährhaus 8
– Christa 47137 Am Stadtpark 27
– Christa 47198 Feld- 8
– Christel 47198 Roland- 10
– Christel 47137 Werner-Wild- 5
– Christian 47057 Kaiser- 6
– Christine 47138 Koopmann- 119
– Christine 47137 Hollenberg- 11
– Claus 47138 Emmericher- 150b
– Cornelia 47053 Walken- 13
– Dagmar 47226 Neumann- 19
– Dagmar 47199 Reitweg 87
– Daniela 47198 Prinzen- 117
– Daniela 47138 Ostender- 14
– Denise 47198 Moerser- 269
– Dietrich 47239 Stettiner- 2a
– Dirk 47058 Schweizer- 43
– Dirk 47239 Stettiner- 2a
– Doreen 47051 Realschul- 33
– Edeltraud 47053 Düsseldorfer- 116
– Edeltraud 47279 Heimweg 3
– Edith
47198 Am Hochfelder Busch 23
– Edith 47229 Dahling- 5
– Edith 47178 Goerdeler- 26
– Edith 47239 Klöster- 25
– Edith 47239 Mühlenkamp- 24
– Edmund 47169 Weißdorn- 49
– Eduard 47239 Dorf- 39a
– Elfie 47138 Pfalz- 16
– Elfriede 47226 Siegfried- 28
– Elisabeth
47139 Im Brammenkamp 29
– Elisabeth 47266 Sterkrader- 58
– Elisabeth 47249 Zechen- 12
– Elke 47259 Am Langen Bongert 13
– Elke 47279 Beethoven- 1k
– Elke 47137 Borkhofer- 60
– Elke 47137 Steinenkamp 36
– Elke 47228 Martha- 1
– Elke 47138 Wiesbadener- 26
Firmen, Gewerbebetriebe usw. nach Namen – siehe gelber Teil	A-DU
